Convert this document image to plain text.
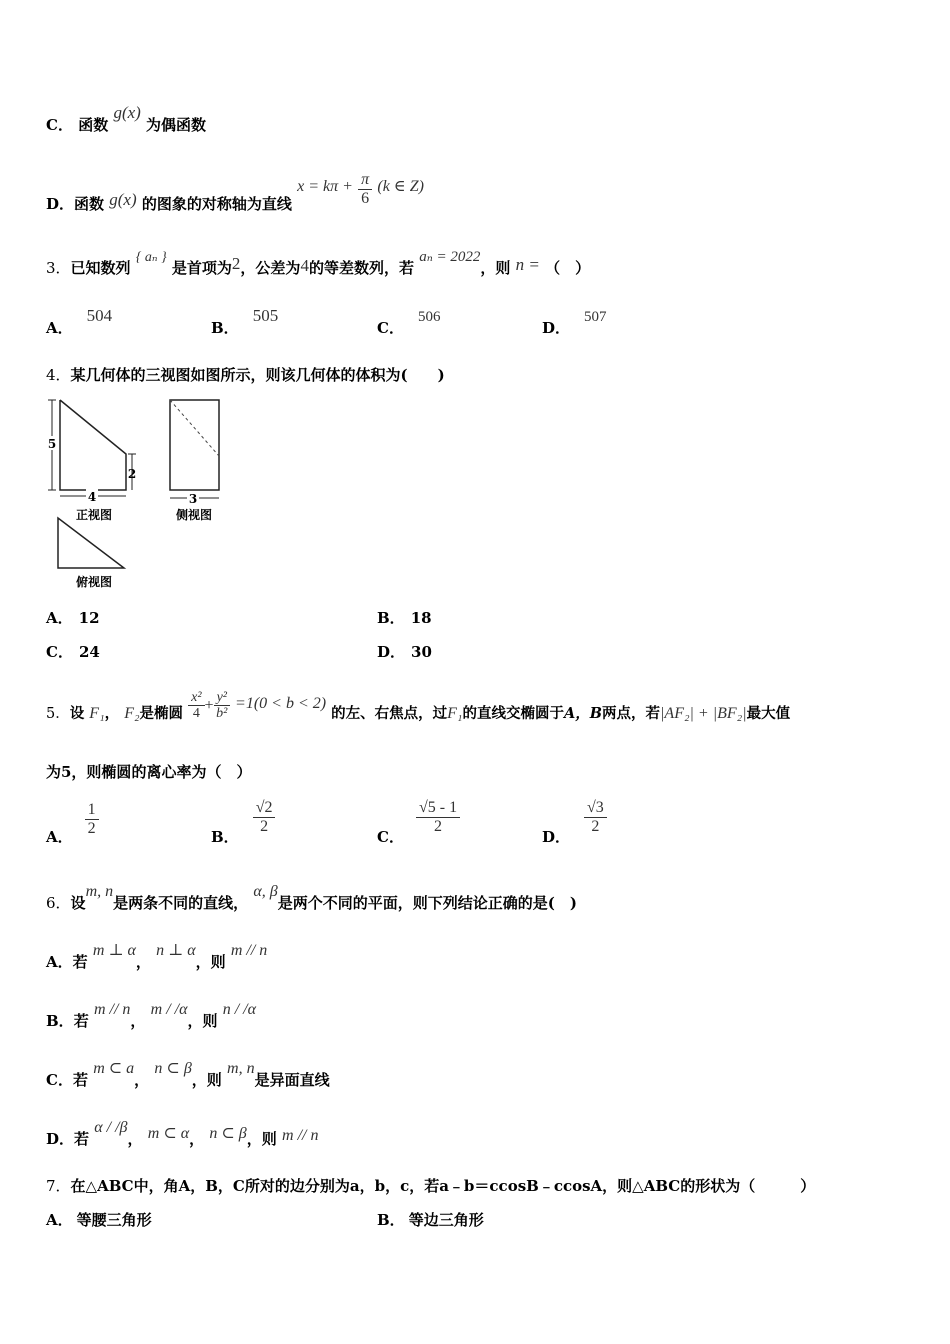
C． 函数 g(x) 为偶函数
D．函数 g(x) 的图象的对称轴为直线 $x = k\pi + \frac{\pi}{6} (k$ ∈ Z)
3．已知数列 { aₙ } 是首项为2，公差为4的等差数列，若 aₙ = 2022，则 n = （　）
A．504
B．505
C．506
D．507
4．某几何体的三视图如图所示，则该几何体的体积为(　　)
5
2
4
正视图
3
侧视图
俯视图
A． 12	B． 18
C． 24	D． 30
5．设 F₁， F₂是椭圆 $\frac{\text{x²}}{4} + \frac{\text{y²}}{\text{b²}} =1(0 < b < 2)$ 的左、右焦点，过F₁的直线交椭圆于A，B两点，若|AF₂| + |BF₂|最大值
为5，则椭圆的离心率为（　）
A． $\frac{1}{2}$	B．
$\frac{√2}{2}$
C．
$\frac{√5 - 1}{2}$
D．
$\frac{√3}{2}$
6．设m, n是两条不同的直线， α, β是两个不同的平面，则下列结论正确的是(　)
A．若 m ⊥ α， n ⊥ α，则 m // n
B．若 m // n， m / /α，则 n / /α
C．若 m ⊂ a， n ⊂ β，则 m, n是异面直线
D．若 α / /β， m ⊂ α， n ⊂ β，则 m // n
7．在△ABC中，角A，B，C所对的边分别为a，b，c，若a﹣b＝ccosB﹣ccosA，则△ABC的形状为（　　　）
A． 等腰三角形	B． 等边三角形
